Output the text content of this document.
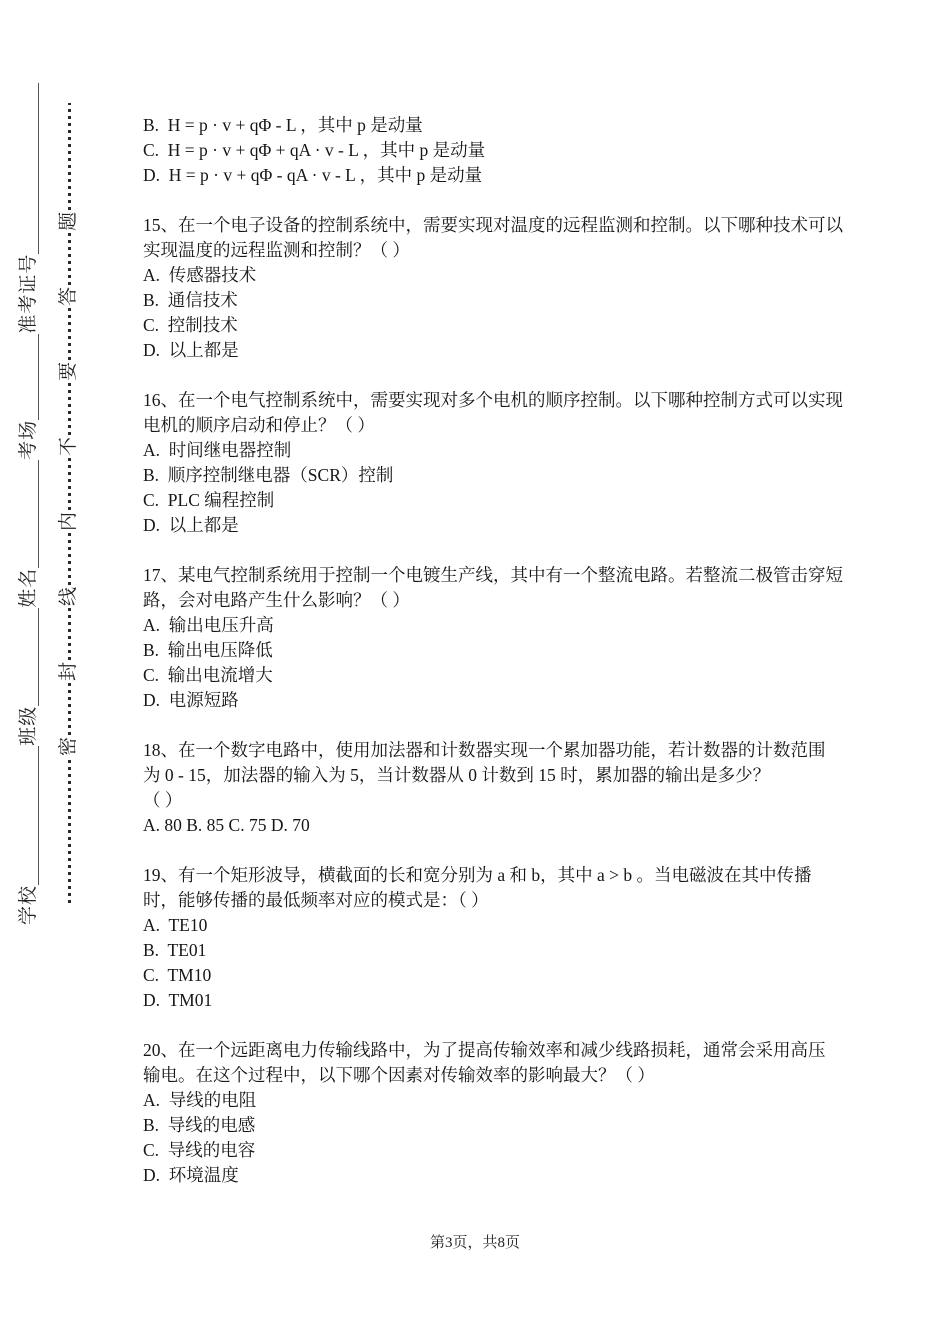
学校
班级
姓名
考场
准考证号
密
封
线
内
不
要
答
题
B.  H = p · v + qΦ - L ，其中 p 是动量
C.  H = p · v + qΦ + qA · v - L ，其中 p 是动量
D.  H = p · v + qΦ - qA · v - L ，其中 p 是动量
15、在一个电子设备的控制系统中，需要实现对温度的远程监测和控制。以下哪种技术可以
实现温度的远程监测和控制？（ ）
A.  传感器技术
B.  通信技术
C.  控制技术
D.  以上都是
16、在一个电气控制系统中，需要实现对多个电机的顺序控制。以下哪种控制方式可以实现
电机的顺序启动和停止？（ ）
A.  时间继电器控制
B.  顺序控制继电器（SCR）控制
C.  PLC 编程控制
D.  以上都是
17、某电气控制系统用于控制一个电镀生产线，其中有一个整流电路。若整流二极管击穿短
路，会对电路产生什么影响？（ ）
A.  输出电压升高
B.  输出电压降低
C.  输出电流增大
D.  电源短路
18、在一个数字电路中，使用加法器和计数器实现一个累加器功能，若计数器的计数范围
为 0 - 15，加法器的输入为 5，当计数器从 0 计数到 15 时，累加器的输出是多少？
（ ）
A. 80 B. 85 C. 75 D. 70
19、有一个矩形波导，横截面的长和宽分别为 a 和 b，其中 a > b 。当电磁波在其中传播
时，能够传播的最低频率对应的模式是：（ ）
A.  TE10
B.  TE01
C.  TM10
D.  TM01
20、在一个远距离电力传输线路中，为了提高传输效率和减少线路损耗，通常会采用高压
输电。在这个过程中，以下哪个因素对传输效率的影响最大？（ ）
A.  导线的电阻
B.  导线的电感
C.  导线的电容
D.  环境温度
第3页，共8页
